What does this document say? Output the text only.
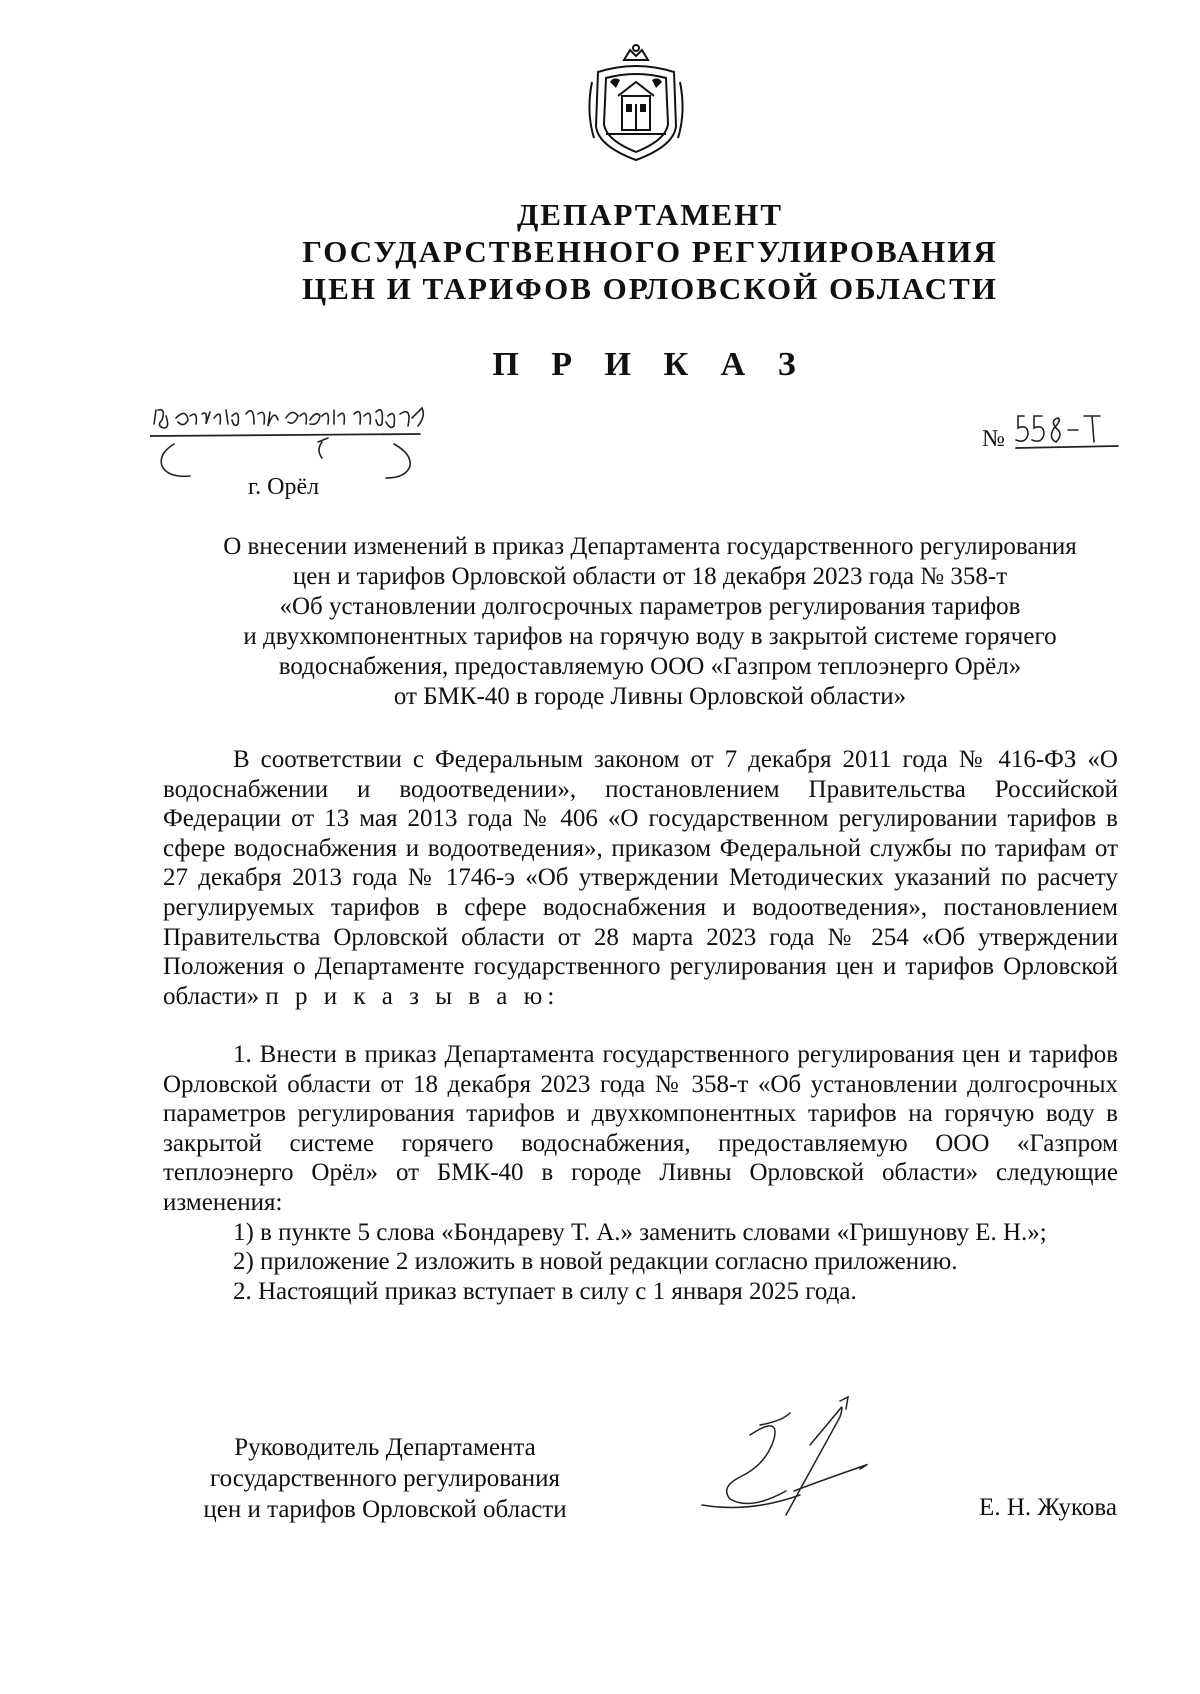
ДЕПАРТАМЕНТ
ГОСУДАРСТВЕННОГО РЕГУЛИРОВАНИЯ
ЦЕН И ТАРИФОВ ОРЛОВСКОЙ ОБЛАСТИ
П Р И К А З
г. Орёл
№
О внесении изменений в приказ Департамента государственного регулирования
цен и тарифов Орловской области от 18 декабря 2023 года № 358-т
«Об установлении долгосрочных параметров регулирования тарифов
и двухкомпонентных тарифов на горячую воду в закрытой системе горячего
водоснабжения, предоставляемую ООО «Газпром теплоэнерго Орёл»
от БМК-40 в городе Ливны Орловской области»

В соответствии с Федеральным законом от 7 декабря 2011 года № 416-ФЗ «О водоснабжении и водоотведении», постановлением Правительства Российской Федерации от 13 мая 2013 года № 406 «О государственном регулировании тарифов в сфере водоснабжения и водоотведения», приказом Федеральной службы по тарифам от 27 декабря 2013 года № 1746-э «Об утверждении Методических указаний по расчету регулируемых тарифов в сфере водоснабжения и водоотведения», постановлением Правительства Орловской области от 28 марта 2023 года № 254 «Об утверждении Положения о Департаменте государственного регулирования цен и тарифов Орловской области» п р и к а з ы в а ю:

1. Внести в приказ Департамента государственного регулирования цен и тарифов Орловской области от 18 декабря 2023 года № 358-т «Об установлении долгосрочных параметров регулирования тарифов и двухкомпонентных тарифов на горячую воду в закрытой системе горячего водоснабжения, предоставляемую ООО «Газпром теплоэнерго Орёл» от БМК-40 в городе Ливны Орловской области» следующие изменения:

1) в пункте 5 слова «Бондареву Т. А.» заменить словами «Гришунову Е. Н.»;

2) приложение 2 изложить в новой редакции согласно приложению.

2. Настоящий приказ вступает в силу с 1 января 2025 года.

Руководитель Департамента
государственного регулирования
цен и тарифов Орловской области	Е. Н. Жукова
